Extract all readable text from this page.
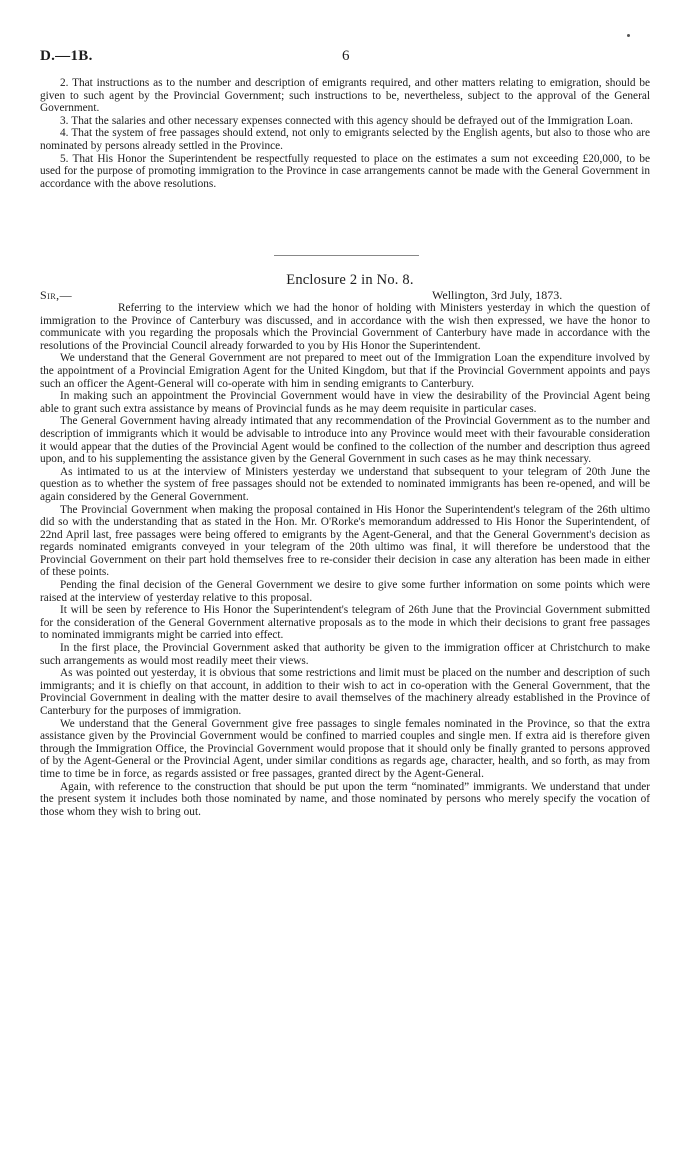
D.—1B.	6

2. That instructions as to the number and description of emigrants required, and other matters relating to emigration, should be given to such agent by the Provincial Government; such instructions to be, nevertheless, subject to the approval of the General Government.

3. That the salaries and other necessary expenses connected with this agency should be defrayed out of the Immigration Loan.

4. That the system of free passages should extend, not only to emigrants selected by the English agents, but also to those who are nominated by persons already settled in the Province.

5. That His Honor the Superintendent be respectfully requested to place on the estimates a sum not exceeding £20,000, to be used for the purpose of promoting immigration to the Province in case arrangements cannot be made with the General Government in accordance with the above resolutions.

Enclosure 2 in No. 8.
Sir,—	Wellington, 3rd July, 1873.

Referring to the interview which we had the honor of holding with Ministers yesterday in which the question of immigration to the Province of Canterbury was discussed, and in accordance with the wish then expressed, we have the honor to communicate with you regarding the proposals which the Provincial Government of Canterbury have made in accordance with the resolutions of the Provincial Council already forwarded to you by His Honor the Superintendent.

We understand that the General Government are not prepared to meet out of the Immigration Loan the expenditure involved by the appointment of a Provincial Emigration Agent for the United Kingdom, but that if the Provincial Government appoints and pays such an officer the Agent-General will co-operate with him in sending emigrants to Canterbury.

In making such an appointment the Provincial Government would have in view the desirability of the Provincial Agent being able to grant such extra assistance by means of Provincial funds as he may deem requisite in particular cases.

The General Government having already intimated that any recommendation of the Provincial Government as to the number and description of immigrants which it would be advisable to introduce into any Province would meet with their favourable consideration it would appear that the duties of the Provincial Agent would be confined to the collection of the number and description thus agreed upon, and to his supplementing the assistance given by the General Government in such cases as he may think necessary.

As intimated to us at the interview of Ministers yesterday we understand that subsequent to your telegram of 20th June the question as to whether the system of free passages should not be extended to nominated immigrants has been re-opened, and will be again considered by the General Government.

The Provincial Government when making the proposal contained in His Honor the Superintendent's telegram of the 26th ultimo did so with the understanding that as stated in the Hon. Mr. O'Rorke's memorandum addressed to His Honor the Superintendent, of 22nd April last, free passages were being offered to emigrants by the Agent-General, and that the General Government's decision as regards nominated emigrants conveyed in your telegram of the 20th ultimo was final, it will therefore be understood that the Provincial Government on their part hold themselves free to re-consider their decision in case any alteration has been made in either of these points.

Pending the final decision of the General Government we desire to give some further information on some points which were raised at the interview of yesterday relative to this proposal.

It will be seen by reference to His Honor the Superintendent's telegram of 26th June that the Provincial Government submitted for the consideration of the General Government alternative proposals as to the mode in which their decisions to grant free passages to nominated immigrants might be carried into effect.

In the first place, the Provincial Government asked that authority be given to the immigration officer at Christchurch to make such arrangements as would most readily meet their views.

As was pointed out yesterday, it is obvious that some restrictions and limit must be placed on the number and description of such immigrants; and it is chiefly on that account, in addition to their wish to act in co-operation with the General Government, that the Provincial Government in dealing with the matter desire to avail themselves of the machinery already established in the Province of Canterbury for the purposes of immigration.

We understand that the General Government give free passages to single females nominated in the Province, so that the extra assistance given by the Provincial Government would be confined to married couples and single men. If extra aid is therefore given through the Immigration Office, the Provincial Government would propose that it should only be finally granted to persons approved of by the Agent-General or the Provincial Agent, under similar conditions as regards age, character, health, and so forth, as may from time to time be in force, as regards assisted or free passages, granted direct by the Agent-General.

Again, with reference to the construction that should be put upon the term “nominated” immigrants. We understand that under the present system it includes both those nominated by name, and those nominated by persons who merely specify the vocation of those whom they wish to bring out.
